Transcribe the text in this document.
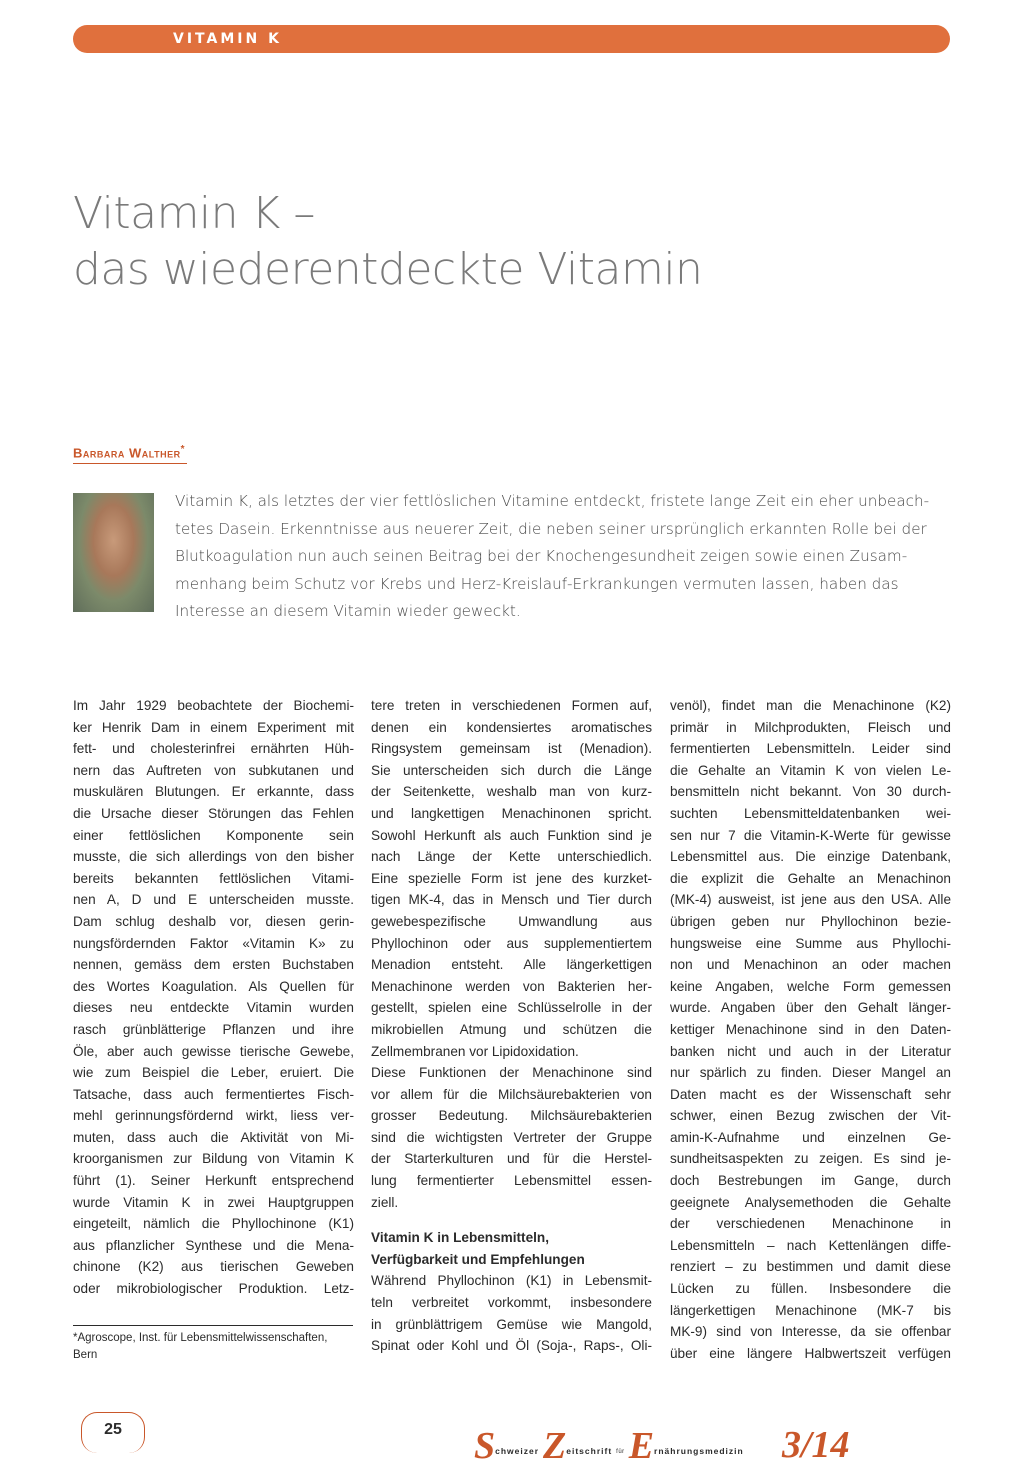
VITAMIN K
Vitamin K –
das wiederentdeckte Vitamin
Barbara Walther*
Vitamin K, als letztes der vier fettlöslichen Vitamine entdeckt, fristete lange Zeit ein eher unbeach-
tetes Dasein. Erkenntnisse aus neuerer Zeit, die neben seiner ursprünglich erkannten Rolle bei der
Blutkoagulation nun auch seinen Beitrag bei der Knochengesundheit zeigen sowie einen Zusam-
menhang beim Schutz vor Krebs und Herz-Kreislauf-Erkrankungen vermuten lassen, haben das
Interesse an diesem Vitamin wieder geweckt.
Im Jahr 1929 beobachtete der Biochemi-
ker Henrik Dam in einem Experiment mit
fett- und cholesterinfrei ernährten Hüh-
nern das Auftreten von subkutanen und
muskulären Blutungen. Er erkannte, dass
die Ursache dieser Störungen das Fehlen
einer fettlöslichen Komponente sein
musste, die sich allerdings von den bisher
bereits bekannten fettlöslichen Vitami-
nen A, D und E unterscheiden musste.
Dam schlug deshalb vor, diesen gerin-
nungsfördernden Faktor «Vitamin K» zu
nennen, gemäss dem ersten Buchstaben
des Wortes Koagulation. Als Quellen für
dieses neu entdeckte Vitamin wurden
rasch grünblätterige Pflanzen und ihre
Öle, aber auch gewisse tierische Gewebe,
wie zum Beispiel die Leber, eruiert. Die
Tatsache, dass auch fermentiertes Fisch-
mehl gerinnungsfördernd wirkt, liess ver-
muten, dass auch die Aktivität von Mi-
kroorganismen zur Bildung von Vitamin K
führt (1). Seiner Herkunft entsprechend
wurde Vitamin K in zwei Hauptgruppen
eingeteilt, nämlich die Phyllochinone (K1)
aus pflanzlicher Synthese und die Mena-
chinone (K2) aus tierischen Geweben
oder mikrobiologischer Produktion. Letz-
tere treten in verschiedenen Formen auf,
denen ein kondensiertes aromatisches
Ringsystem gemeinsam ist (Menadion).
Sie unterscheiden sich durch die Länge
der Seitenkette, weshalb man von kurz-
und langkettigen Menachinonen spricht.
Sowohl Herkunft als auch Funktion sind je
nach Länge der Kette unterschiedlich.
Eine spezielle Form ist jene des kurzket-
tigen MK-4, das in Mensch und Tier durch
gewebespezifische Umwandlung aus
Phyllochinon oder aus supplementiertem
Menadion entsteht. Alle längerkettigen
Menachinone werden von Bakterien her-
gestellt, spielen eine Schlüsselrolle in der
mikrobiellen Atmung und schützen die
Zellmembranen vor Lipidoxidation.
Diese Funktionen der Menachinone sind
vor allem für die Milchsäurebakterien von
grosser Bedeutung. Milchsäurebakterien
sind die wichtigsten Vertreter der Gruppe
der Starterkulturen und für die Herstel-
lung fermentierter Lebensmittel essen-
ziell.
Vitamin K in Lebensmitteln,
Verfügbarkeit und Empfehlungen
Während Phyllochinon (K1) in Lebensmit-
teln verbreitet vorkommt, insbesondere
in grünblättrigem Gemüse wie Mangold,
Spinat oder Kohl und Öl (Soja-, Raps-, Oli-
venöl), findet man die Menachinone (K2)
primär in Milchprodukten, Fleisch und
fermentierten Lebensmitteln. Leider sind
die Gehalte an Vitamin K von vielen Le-
bensmitteln nicht bekannt. Von 30 durch-
suchten Lebensmitteldatenbanken wei-
sen nur 7 die Vitamin-K-Werte für gewisse
Lebensmittel aus. Die einzige Datenbank,
die explizit die Gehalte an Menachinon
(MK-4) ausweist, ist jene aus den USA. Alle
übrigen geben nur Phyllochinon bezie-
hungsweise eine Summe aus Phyllochi-
non und Menachinon an oder machen
keine Angaben, welche Form gemessen
wurde. Angaben über den Gehalt länger-
kettiger Menachinone sind in den Daten-
banken nicht und auch in der Literatur
nur spärlich zu finden. Dieser Mangel an
Daten macht es der Wissenschaft sehr
schwer, einen Bezug zwischen der Vit-
amin-K-Aufnahme und einzelnen Ge-
sundheitsaspekten zu zeigen. Es sind je-
doch Bestrebungen im Gange, durch
geeignete Analysemethoden die Gehalte
der verschiedenen Menachinone in
Lebensmitteln – nach Kettenlängen diffe-
renziert – zu bestimmen und damit diese
Lücken zu füllen. Insbesondere die
längerkettigen Menachinone (MK-7 bis
MK-9) sind von Interesse, da sie offenbar
über eine längere Halbwertszeit verfügen
*Agroscope, Inst. für Lebensmittelwissenschaften,
Bern
25	$S^{chweizer}$ $Z^{eitschrift}$ $^{für}$ $E^{rnährungsmedizin}$ 3/14
